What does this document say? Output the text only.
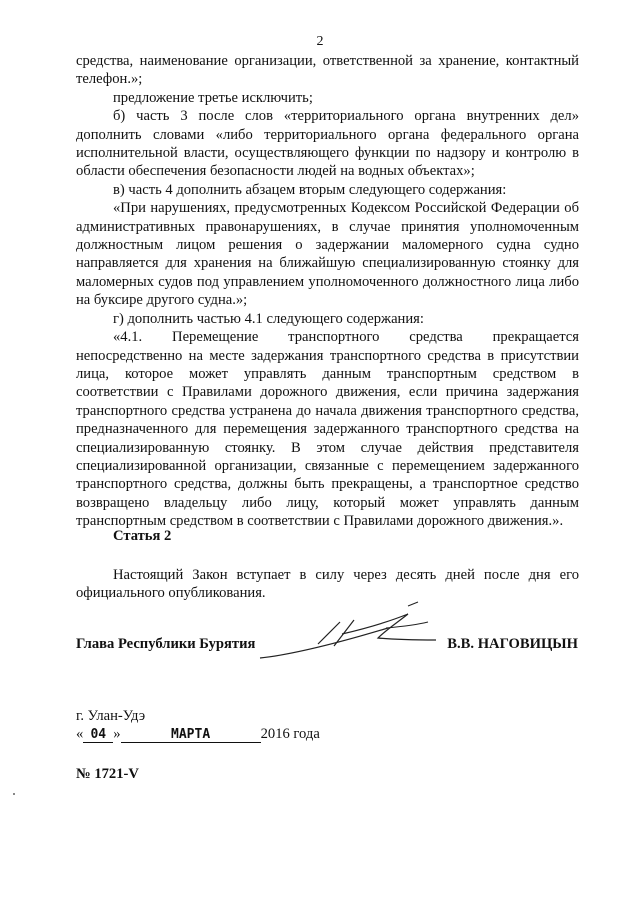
2

средства, наименование организации, ответственной за хранение, контактный телефон.»;

предложение третье исключить;

б) часть 3 после слов «территориального органа внутренних дел» дополнить словами «либо территориального органа федерального органа исполнительной власти, осуществляющего функции по надзору и контролю в области обеспечения безопасности людей на водных объектах»;

в) часть 4 дополнить абзацем вторым следующего содержания:

«При нарушениях, предусмотренных Кодексом Российской Федерации об административных правонарушениях, в случае принятия уполномоченным должностным лицом решения о задержании маломерного судна судно направляется для хранения на ближайшую специализированную стоянку для маломерных судов под управлением уполномоченного должностного лица либо на буксире другого судна.»;

г) дополнить частью 4.1 следующего содержания:

«4.1. Перемещение транспортного средства прекращается непосредственно на месте задержания транспортного средства в присутствии лица, которое может управлять данным транспортным средством в соответствии с Правилами дорожного движения, если причина задержания транспортного средства устранена до начала движения транспортного средства, предназначенного для перемещения задержанного транспортного средства на специализированную стоянку. В этом случае действия представителя специализированной организации, связанные с перемещением задержанного транспортного средства, должны быть прекращены, а транспортное средство возвращено владельцу либо лицу, который может управлять данным транспортным средством в соответствии с Правилами дорожного движения.».

Статья 2
Настоящий Закон вступает в силу через десять дней после дня его официального опубликования.
Глава Республики Бурятия	В.В. НАГОВИЦЫН
г. Улан-Удэ
« 04 »	МАРТА	2016 года
№ 1721-V
